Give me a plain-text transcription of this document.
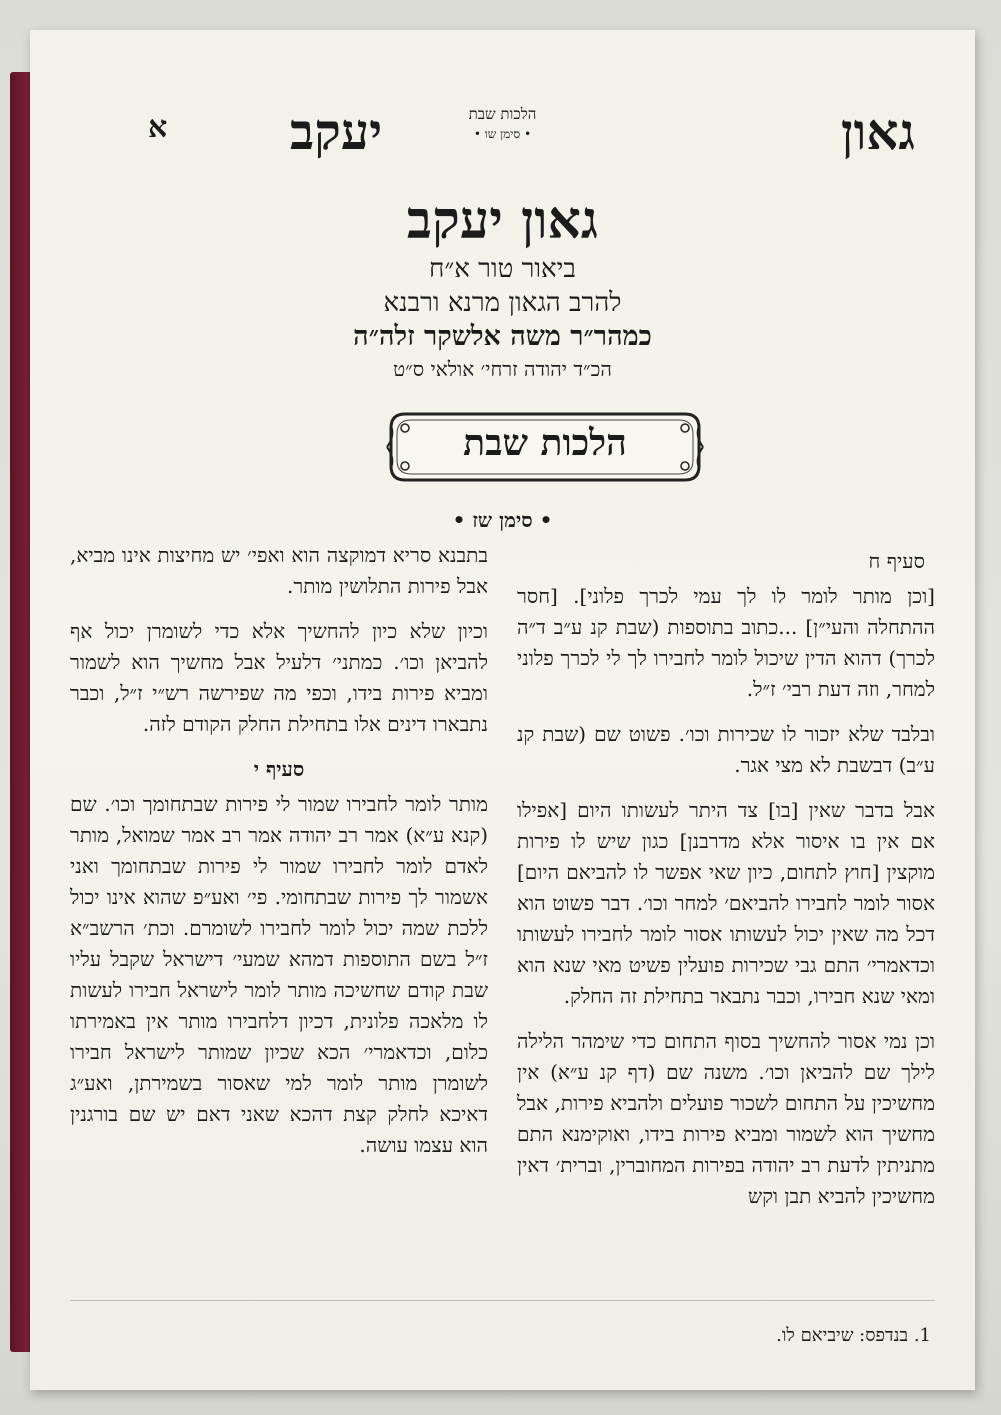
גאון
הלכות שבת
• סימן שו •
יעקב
א
גאון יעקב
ביאור טור א״ח
להרב הגאון מרנא ורבנא
כמהר״ר משה אלשקר זלה״ה
הכ״ד יהודה זרחי׳ אולאי ס״ט
הלכות שבת
• סימן שז •

סעיף ח

[וכן מותר לומר לו לך עמי לכרך פלוני]. [חסר ההתחלה והעי״ן] ...כתוב בתוספות (שבת קנ ע״ב ד״ה לכרך) דהוא הדין שיכול לומר לחבירו לך לי לכרך פלוני למחר, וזה דעת רבי׳ ז״ל.

ובלבד שלא יזכור לו שכירות וכו׳. פשוט שם (שבת קנ ע״ב) דבשבת לא מצי אגר.

אבל בדבר שאין [בו] צד היתר לעשותו היום [אפילו אם אין בו איסור אלא מדרבנן] כגון שיש לו פירות מוקצין [חוץ לתחום, כיון שאי אפשר לו להביאם היום] אסור לומר לחבירו להביאם׳ למחר וכו׳. דבר פשוט הוא דכל מה שאין יכול לעשותו אסור לומר לחבירו לעשותו וכדאמרי׳ התם גבי שכירות פועלין פשיט מאי שנא הוא ומאי שנא חבירו, וכבר נתבאר בתחילת זה החלק.

וכן נמי אסור להחשיך בסוף התחום כדי שימהר הלילה לילך שם להביאן וכו׳. משנה שם (דף קנ ע״א) אין מחשיכין על התחום לשכור פועלים ולהביא פירות, אבל מחשיך הוא לשמור ומביא פירות בידו, ואוקימנא התם מתניתין לדעת רב יהודה בפירות המחוברין, וברית׳ דאין מחשיכין להביא תבן וקש

בתבנא סריא דמוקצה הוא ואפי׳ יש מחיצות אינו מביא, אבל פירות התלושין מותר.

וכיון שלא כיון להחשיך אלא כדי לשומרן יכול אף להביאן וכו׳. כמתני׳ דלעיל אבל מחשיך הוא לשמור ומביא פירות בידו, וכפי מה שפירשה רש״י ז״ל, וכבר נתבארו דינים אלו בתחילת החלק הקודם לזה.

סעיף י

מותר לומר לחבירו שמור לי פירות שבתחומך וכו׳. שם (קנא ע״א) אמר רב יהודה אמר רב אמר שמואל, מותר לאדם לומר לחבירו שמור לי פירות שבתחומך ואני אשמור לך פירות שבתחומי. פי׳ ואע״פ שהוא אינו יכול ללכת שמה יכול לומר לחבירו לשומרם. וכת׳ הרשב״א ז״ל בשם התוספות דמהא שמעי׳ דישראל שקבל עליו שבת קודם שחשיכה מותר לומר לישראל חבירו לעשות לו מלאכה פלונית, דכיון דלחבירו מותר אין באמירתו כלום, וכדאמרי׳ הכא שכיון שמותר לישראל חבירו לשומרן מותר לומר למי שאסור בשמירתן, ואע״ג דאיכא לחלק קצת דהכא שאני דאם יש שם בורגנין הוא עצמו עושה.

1. בנדפס: שיביאם לו.
